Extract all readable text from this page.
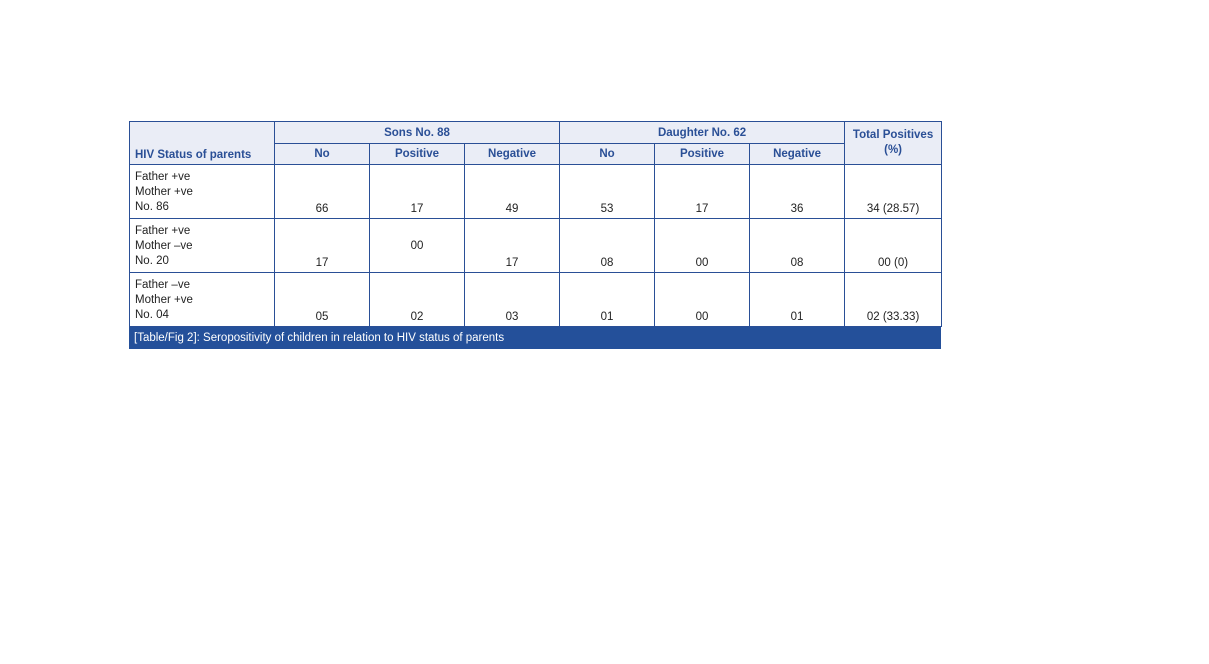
HIV Status of parents	Sons No. 88			Daughter No. 62			Total Positives
(%)
	No	Positive	Negative	No	Positive	Negative	

Father +ve
Mother +ve
No. 86	66	17	49	53	17	36	34 (28.57)

Father +ve
Mother –ve
No. 20	17	00	17	08	00	08	00 (0)

Father –ve
Mother +ve
No. 04	05	02	03	01	00	01	02 (33.33)
[Table/Fig 2]: Seropositivity of children in relation to HIV status of parents
